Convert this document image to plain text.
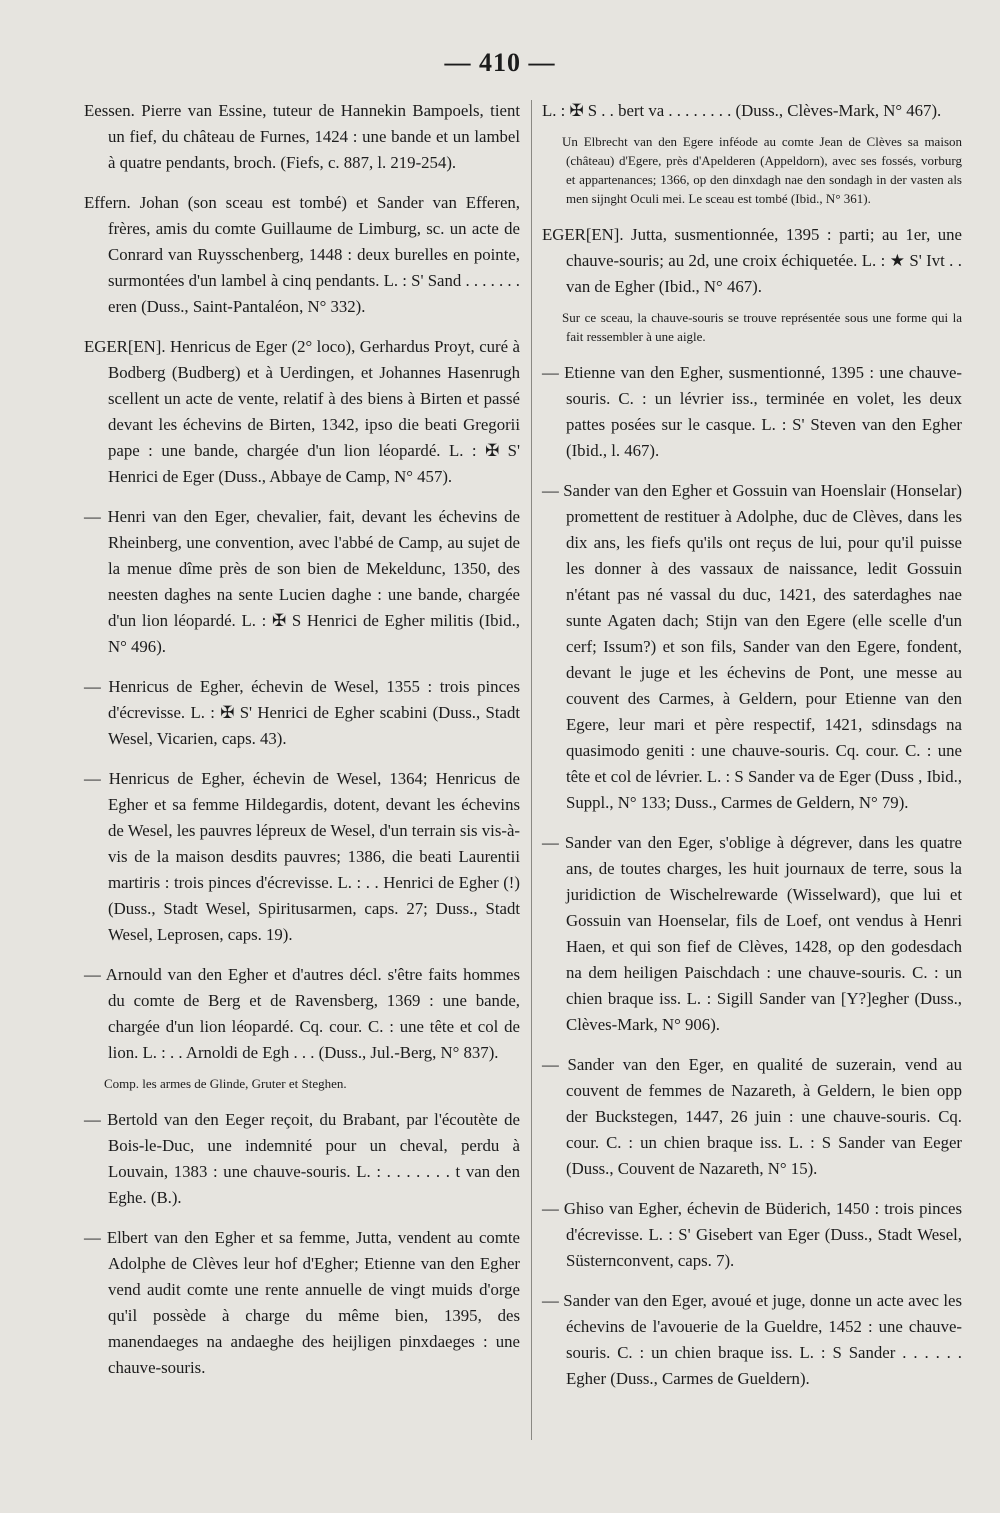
— 410 —

Eessen. Pierre van Essine, tuteur de Hannekin Bampoels, tient un fief, du château de Furnes, 1424 : une bande et un lambel à quatre pendants, broch. (Fiefs, c. 887, l. 219-254).

Effern. Johan (son sceau est tombé) et Sander van Efferen, frères, amis du comte Guillaume de Limburg, sc. un acte de Conrard van Ruysschenberg, 1448 : deux burelles en pointe, surmontées d'un lambel à cinq pendants. L. : S' Sand . . . . . . . eren (Duss., Saint-Pantaléon, N° 332).

EGER[EN]. Henricus de Eger (2° loco), Gerhardus Proyt, curé à Bodberg (Budberg) et à Uerdingen, et Johannes Hasenrugh scellent un acte de vente, relatif à des biens à Birten et passé devant les échevins de Birten, 1342, ipso die beati Gregorii pape : une bande, chargée d'un lion léopardé. L. : ✠ S' Henrici de Eger (Duss., Abbaye de Camp, N° 457).

— Henri van den Eger, chevalier, fait, devant les échevins de Rheinberg, une convention, avec l'abbé de Camp, au sujet de la menue dîme près de son bien de Mekeldunc, 1350, des neesten daghes na sente Lucien daghe : une bande, chargée d'un lion léopardé. L. : ✠ S Henrici de Egher militis (Ibid., N° 496).

— Henricus de Egher, échevin de Wesel, 1355 : trois pinces d'écrevisse. L. : ✠ S' Henrici de Egher scabini (Duss., Stadt Wesel, Vicarien, caps. 43).

— Henricus de Egher, échevin de Wesel, 1364; Henricus de Egher et sa femme Hildegardis, dotent, devant les échevins de Wesel, les pauvres lépreux de Wesel, d'un terrain sis vis-à-vis de la maison desdits pauvres; 1386, die beati Laurentii martiris : trois pinces d'écrevisse. L. : . . Henrici de Egher (!) (Duss., Stadt Wesel, Spiritusarmen, caps. 27; Duss., Stadt Wesel, Leprosen, caps. 19).

— Arnould van den Egher et d'autres décl. s'être faits hommes du comte de Berg et de Ravensberg, 1369 : une bande, chargée d'un lion léopardé. Cq. cour. C. : une tête et col de lion. L. : . . Arnoldi de Egh . . . (Duss., Jul.-Berg, N° 837).

Comp. les armes de Glinde, Gruter et Steghen.

— Bertold van den Eeger reçoit, du Brabant, par l'écoutète de Bois-le-Duc, une indemnité pour un cheval, perdu à Louvain, 1383 : une chauve-souris. L. : . . . . . . . t van den Eghe. (B.).

— Elbert van den Egher et sa femme, Jutta, vendent au comte Adolphe de Clèves leur hof d'Egher; Etienne van den Egher vend audit comte une rente annuelle de vingt muids d'orge qu'il possède à charge du même bien, 1395, des manendaeges na andaeghe des heijligen pinxdaeges : une chauve-souris.

L. : ✠ S . . bert va . . . . . . . . (Duss., Clèves-Mark, N° 467).

Un Elbrecht van den Egere inféode au comte Jean de Clèves sa maison (château) d'Egere, près d'Apelderen (Appeldorn), avec ses fossés, vorburg et appartenances; 1366, op den dinxdagh nae den sondagh in der vasten als men sijnght Oculi mei. Le sceau est tombé (Ibid., N° 361).

EGER[EN]. Jutta, susmentionnée, 1395 : parti; au 1er, une chauve-souris; au 2d, une croix échiquetée. L. : ★ S' Ivt . . van de Egher (Ibid., N° 467).

Sur ce sceau, la chauve-souris se trouve représentée sous une forme qui la fait ressembler à une aigle.

— Etienne van den Egher, susmentionné, 1395 : une chauve-souris. C. : un lévrier iss., terminée en volet, les deux pattes posées sur le casque. L. : S' Steven van den Egher (Ibid., l. 467).

— Sander van den Egher et Gossuin van Hoenslair (Honselar) promettent de restituer à Adolphe, duc de Clèves, dans les dix ans, les fiefs qu'ils ont reçus de lui, pour qu'il puisse les donner à des vassaux de naissance, ledit Gossuin n'étant pas né vassal du duc, 1421, des saterdaghes nae sunte Agaten dach; Stijn van den Egere (elle scelle d'un cerf; Issum?) et son fils, Sander van den Egere, fondent, devant le juge et les échevins de Pont, une messe au couvent des Carmes, à Geldern, pour Etienne van den Egere, leur mari et père respectif, 1421, sdinsdags na quasimodo geniti : une chauve-souris. Cq. cour. C. : une tête et col de lévrier. L. : S Sander va de Eger (Duss , Ibid., Suppl., N° 133; Duss., Carmes de Geldern, N° 79).

— Sander van den Eger, s'oblige à dégrever, dans les quatre ans, de toutes charges, les huit journaux de terre, sous la juridiction de Wischelrewarde (Wisselward), que lui et Gossuin van Hoenselar, fils de Loef, ont vendus à Henri Haen, et qui son fief de Clèves, 1428, op den godesdach na dem heiligen Paischdach : une chauve-souris. C. : un chien braque iss. L. : Sigill Sander van [Y?]egher (Duss., Clèves-Mark, N° 906).

— Sander van den Eger, en qualité de suzerain, vend au couvent de femmes de Nazareth, à Geldern, le bien opp der Buckstegen, 1447, 26 juin : une chauve-souris. Cq. cour. C. : un chien braque iss. L. : S Sander van Eeger (Duss., Couvent de Nazareth, N° 15).

— Ghiso van Egher, échevin de Büderich, 1450 : trois pinces d'écrevisse. L. : S' Gisebert van Eger (Duss., Stadt Wesel, Süsternconvent, caps. 7).

— Sander van den Eger, avoué et juge, donne un acte avec les échevins de l'avouerie de la Gueldre, 1452 : une chauve-souris. C. : un chien braque iss. L. : S Sander . . . . . . Egher (Duss., Carmes de Gueldern).
